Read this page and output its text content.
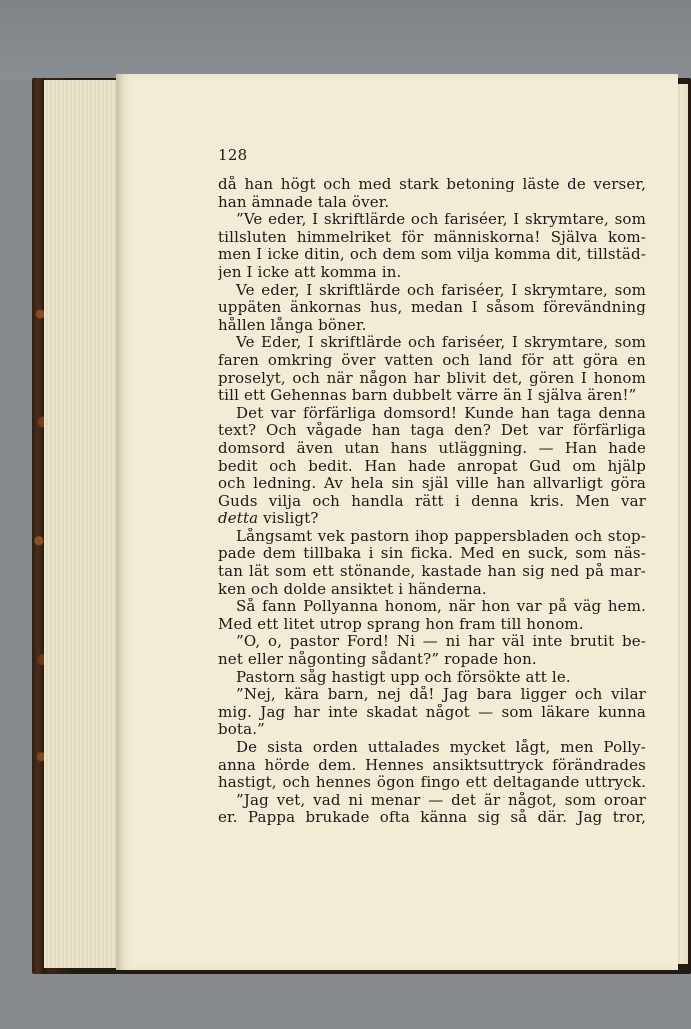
128

då han högt och med stark betoning läste de verser,
han ämnade tala över.
”Ve eder, I skriftlärde och fariséer, I skrymtare, som
tillsluten himmelriket för människorna! Själva kom-
men I icke ditin, och dem som vilja komma dit, tillstäd-
jen I icke att komma in.
Ve eder, I skriftlärde och fariséer, I skrymtare, som
uppäten änkornas hus, medan I såsom förevändning
hållen långa böner.
Ve Eder, I skriftlärde och fariséer, I skrymtare, som
faren omkring över vatten och land för att göra en
proselyt, och när någon har blivit det, gören I honom
till ett Gehennas barn dubbelt värre än I själva ären!”
Det var förfärliga domsord! Kunde han taga denna
text? Och vågade han taga den? Det var förfärliga
domsord även utan hans utläggning. — Han hade
bedit och bedit. Han hade anropat Gud om hjälp
och ledning. Av hela sin själ ville han allvarligt göra
Guds vilja och handla rätt i denna kris. Men var
detta visligt?
Långsamt vek pastorn ihop pappersbladen och stop-
pade dem tillbaka i sin ficka. Med en suck, som näs-
tan lät som ett stönande, kastade han sig ned på mar-
ken och dolde ansiktet i händerna.
Så fann Pollyanna honom, när hon var på väg hem.
Med ett litet utrop sprang hon fram till honom.
”O, o, pastor Ford! Ni — ni har väl inte brutit be-
net eller någonting sådant?” ropade hon.
Pastorn såg hastigt upp och försökte att le.
”Nej, kära barn, nej då! Jag bara ligger och vilar
mig. Jag har inte skadat något — som läkare kunna
bota.”
De sista orden uttalades mycket lågt, men Polly-
anna hörde dem. Hennes ansiktsuttryck förändrades
hastigt, och hennes ögon fingo ett deltagande uttryck.
”Jag vet, vad ni menar — det är något, som oroar
er. Pappa brukade ofta känna sig så där. Jag tror,
